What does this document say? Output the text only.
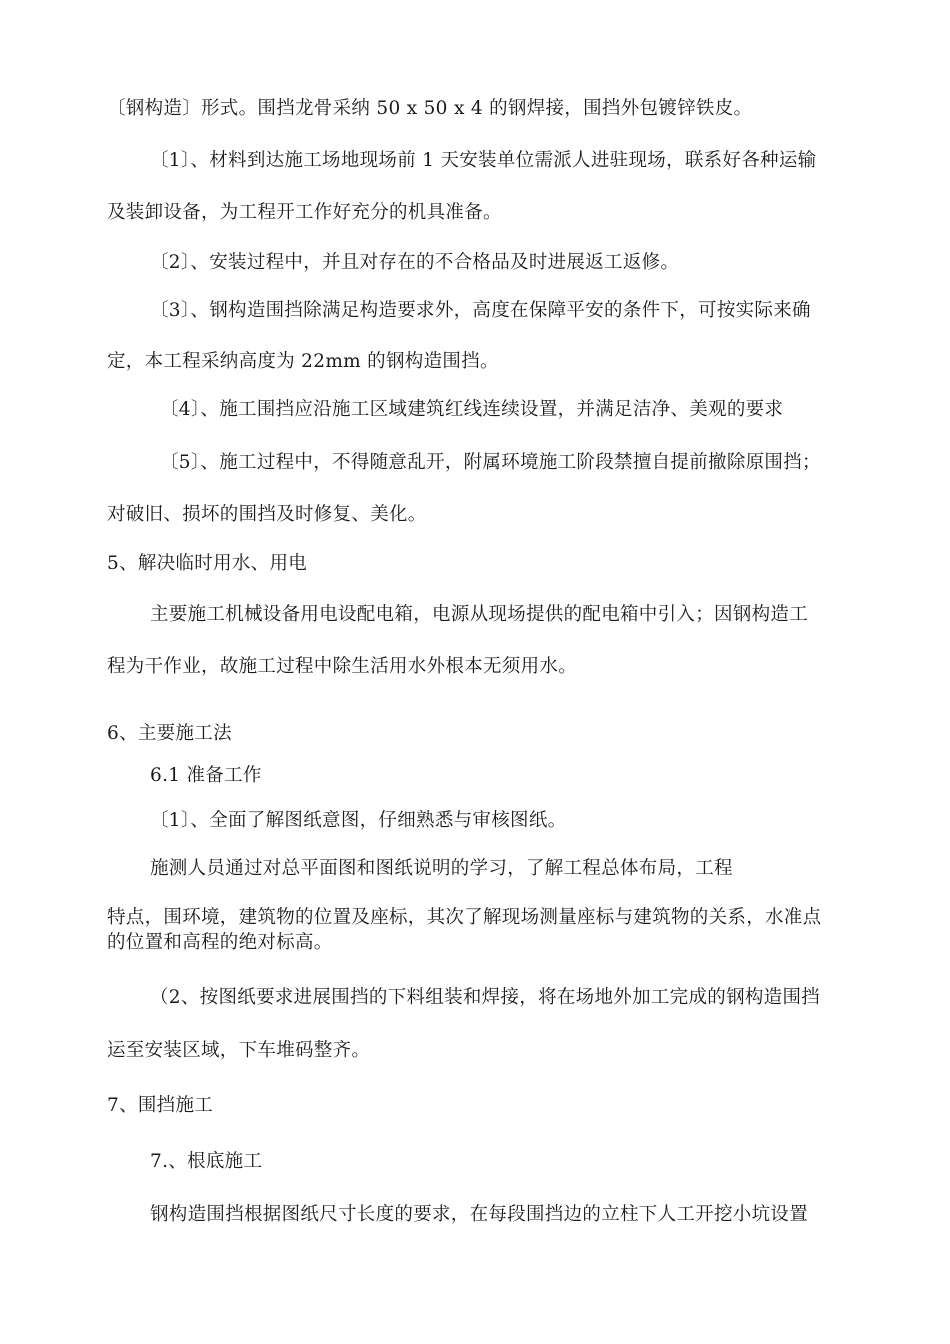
〔钢构造〕形式。围挡龙骨采纳 50 x 50 x 4 的钢焊接，围挡外包镀锌铁皮。

〔1〕、材料到达施工场地现场前 1 天安装单位需派人进驻现场，联系好各种运输

及装卸设备，为工程开工作好充分的机具准备。

〔2〕、安装过程中，并且对存在的不合格品及时进展返工返修。

〔3〕、钢构造围挡除满足构造要求外，高度在保障平安的条件下，可按实际来确

定，本工程采纳高度为 22mm 的钢构造围挡。

〔4〕、施工围挡应沿施工区域建筑红线连续设置，并满足洁净、美观的要求

〔5〕、施工过程中，不得随意乱开，附属环境施工阶段禁擅自提前撤除原围挡；

对破旧、损坏的围挡及时修复、美化。

5、解决临时用水、用电

主要施工机械设备用电设配电箱，电源从现场提供的配电箱中引入；因钢构造工

程为干作业，故施工过程中除生活用水外根本无须用水。

6、主要施工法

6.1 准备工作

〔1〕、全面了解图纸意图，仔细熟悉与审核图纸。

施测人员通过对总平面图和图纸说明的学习，了解工程总体布局，工程

特点，围环境，建筑物的位置及座标，其次了解现场测量座标与建筑物的关系，水准点

的位置和高程的绝对标高。

（2、按图纸要求进展围挡的下料组装和焊接，将在场地外加工完成的钢构造围挡

运至安装区域，下车堆码整齐。

7、围挡施工

7.、根底施工

钢构造围挡根据图纸尺寸长度的要求，在每段围挡边的立柱下人工开挖小坑设置
